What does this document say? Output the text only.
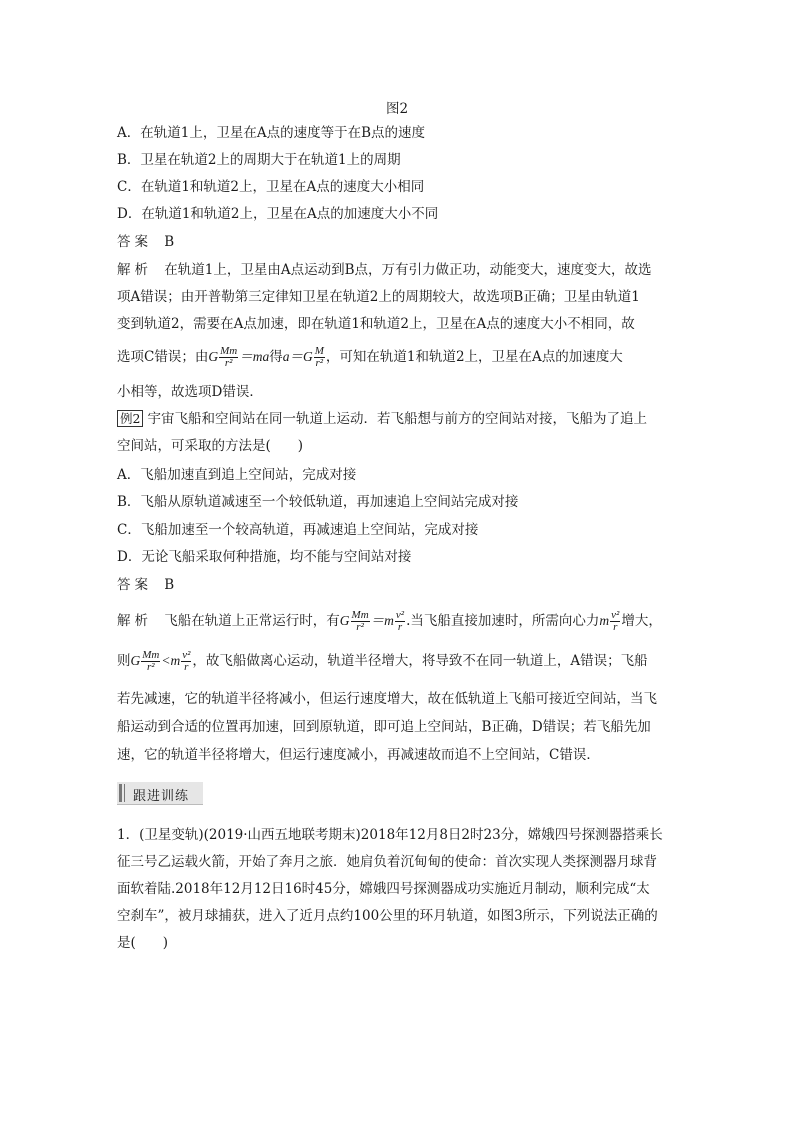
图2
A．在轨道1上，卫星在A点的速度等于在B点的速度
B．卫星在轨道2上的周期大于在轨道1上的周期
C．在轨道1和轨道2上，卫星在A点的速度大小相同
D．在轨道1和轨道2上，卫星在A点的加速度大小不同
答案 B
解析 在轨道1上，卫星由A点运动到B点，万有引力做正功，动能变大，速度变大，故选
项A错误；由开普勒第三定律知卫星在轨道2上的周期较大，故选项B正确；卫星由轨道1
变到轨道2，需要在A点加速，即在轨道1和轨道2上，卫星在A点的速度大小不相同，故
选项C错误；由G $\frac{Mm}{\text{r²}} =ma$得$a=G \frac{M}{\text{r²}}$ ，可知在轨道1和轨道2上，卫星在A点的加速度大
小相等，故选项D错误．
例2 宇宙飞船和空间站在同一轨道上运动．若飞船想与前方的空间站对接，飞船为了追上
空间站，可采取的方法是(　　)
A．飞船加速直到追上空间站，完成对接
B．飞船从原轨道减速至一个较低轨道，再加速追上空间站完成对接
C．飞船加速至一个较高轨道，再减速追上空间站，完成对接
D．无论飞船采取何种措施，均不能与空间站对接
答案 B
解析 飞船在轨道上正常运行时，有G $\frac{Mm}{\text{r²}} =m \frac{\text{v²}}{r}$ .当飞船直接加速时，所需向心力m $\frac{\text{v²}}{r}$ 增大，
则G $\frac{Mm}{\text{r²}} <m \frac{\text{v²}}{r}$ ，故飞船做离心运动，轨道半径增大，将导致不在同一轨道上，A错误；飞船
若先减速，它的轨道半径将减小，但运行速度增大，故在低轨道上飞船可接近空间站，当飞
船运动到合适的位置再加速，回到原轨道，即可追上空间站，B正确，D错误；若飞船先加
速，它的轨道半径将增大，但运行速度减小，再减速故而追不上空间站，C错误．
跟进训练
1．(卫星变轨)(2019·山西五地联考期末)2018年12月8日2时23分，嫦娥四号探测器搭乘长
征三号乙运载火箭，开始了奔月之旅．她肩负着沉甸甸的使命：首次实现人类探测器月球背
面软着陆.2018年12月12日16时45分，嫦娥四号探测器成功实施近月制动，顺利完成“太
空刹车”，被月球捕获，进入了近月点约100公里的环月轨道，如图3所示，下列说法正确的
是(　　)
